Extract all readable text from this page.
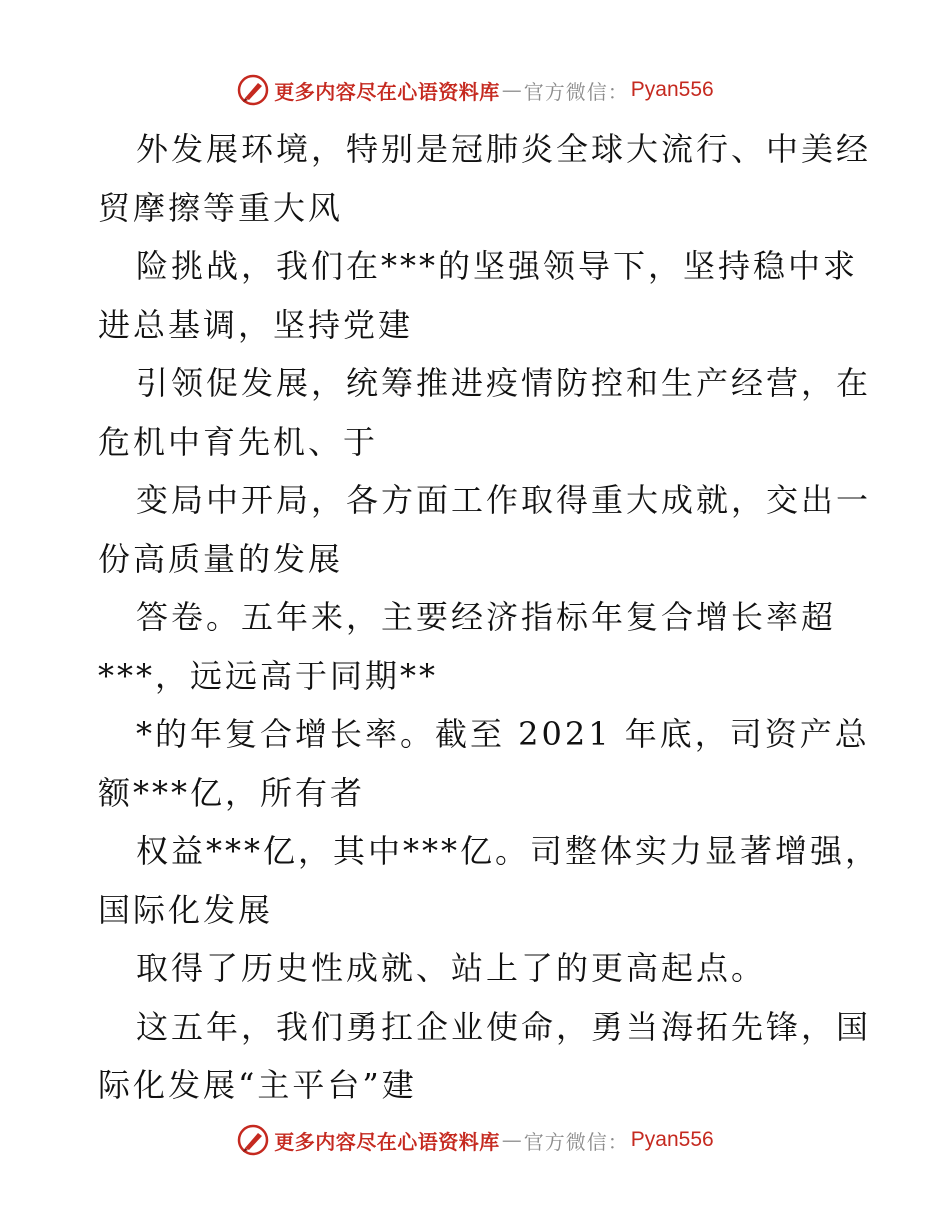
更多内容尽在心语资料库 — 官方微信： Pyan556
外发展环境，特别是冠肺炎全球大流行、中美经
贸摩擦等重大风
险挑战，我们在***的坚强领导下，坚持稳中求
进总基调，坚持党建
引领促发展，统筹推进疫情防控和生产经营，在
危机中育先机、于
变局中开局，各方面工作取得重大成就，交出一
份高质量的发展
答卷。五年来，主要经济指标年复合增长率超
***，远远高于同期**
*的年复合增长率。截至 2021 年底，司资产总
额***亿，所有者
权益***亿，其中***亿。司整体实力显著增强，
国际化发展
取得了历史性成就、站上了的更高起点。
这五年，我们勇扛企业使命，勇当海拓先锋，国
际化发展“主平台”建
更多内容尽在心语资料库 — 官方微信： Pyan556
